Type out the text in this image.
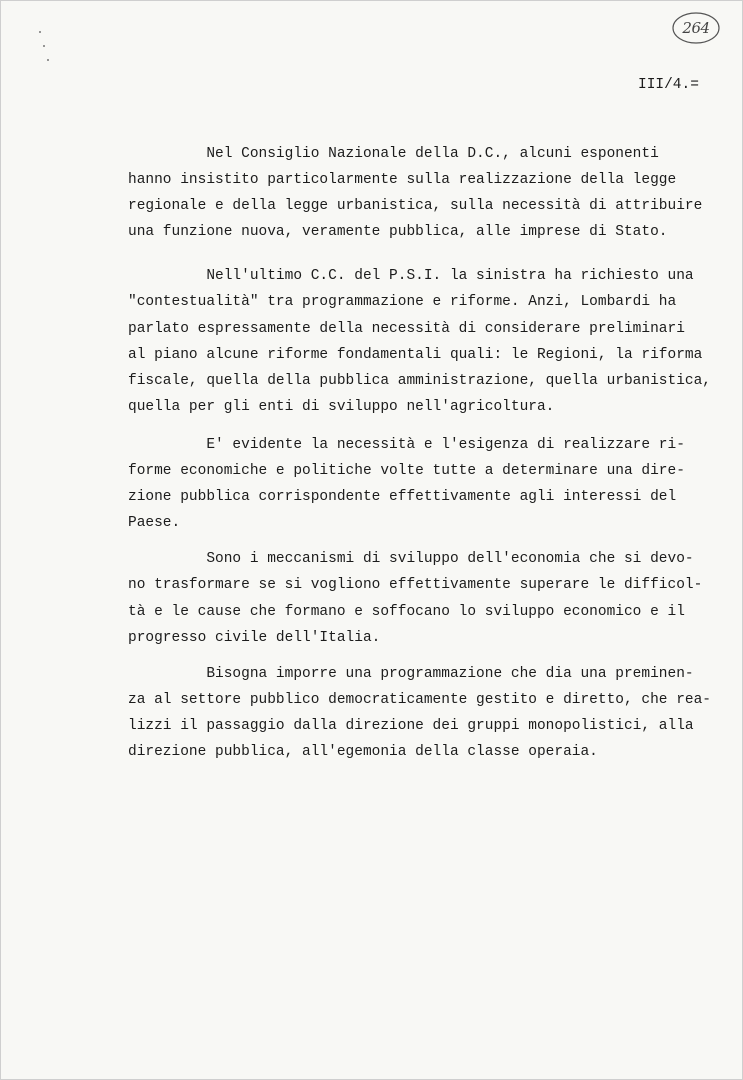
264
III/4.=
Nel Consiglio Nazionale della D.C., alcuni esponenti
hanno insistito particolarmente sulla realizzazione della legge
regionale e della legge urbanistica, sulla necessità di attribuire
una funzione nuova, veramente pubblica, alle imprese di Stato.
Nell'ultimo C.C. del P.S.I. la sinistra ha richiesto una
"contestualità" tra programmazione e riforme. Anzi, Lombardi ha
parlato espressamente della necessità di considerare preliminari
al piano alcune riforme fondamentali quali: le Regioni, la riforma
fiscale, quella della pubblica amministrazione, quella urbanistica,
quella per gli enti di sviluppo nell'agricoltura.
E' evidente la necessità e l'esigenza di realizzare ri-
forme economiche e politiche volte tutte a determinare una dire-
zione pubblica corrispondente effettivamente agli interessi del
Paese.
Sono i meccanismi di sviluppo dell'economia che si devo-
no trasformare se si vogliono effettivamente superare le difficol-
tà e le cause che formano e soffocano lo sviluppo economico e il
progresso civile dell'Italia.
Bisogna imporre una programmazione che dia una preminen-
za al settore pubblico democraticamente gestito e diretto, che rea-
lizzi il passaggio dalla direzione dei gruppi monopolistici, alla
direzione pubblica, all'egemonia della classe operaia.
